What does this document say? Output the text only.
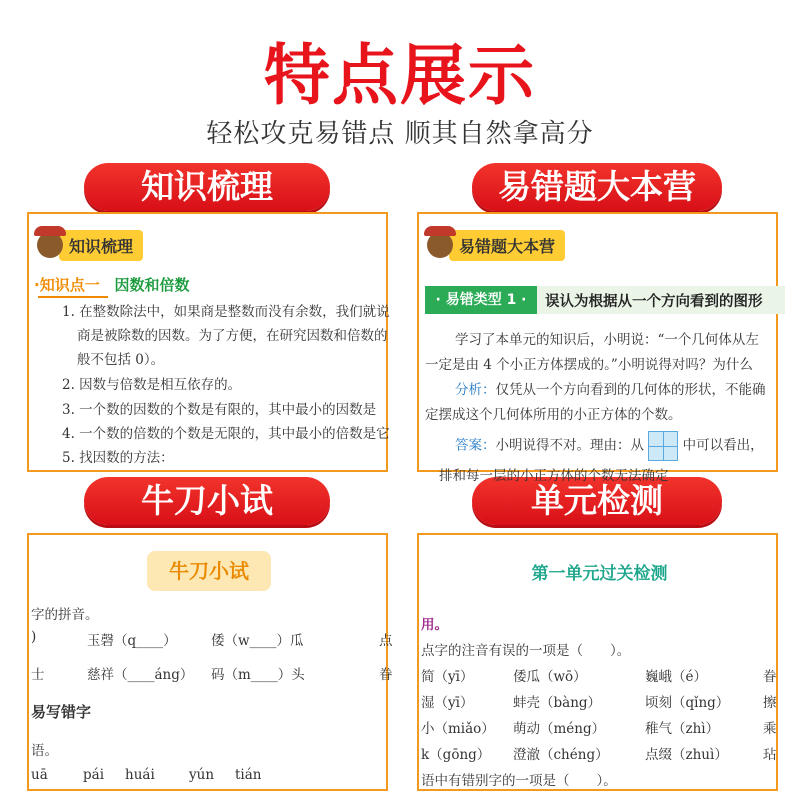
特点展示
轻松攻克易错点 顺其自然拿高分
知识梳理	易错题大本营
牛刀小试	单元检测
知识梳理
·知识点一 因数和倍数
1. 在整数除法中，如果商是整数而没有余数，我们就说
商是被除数的因数。为了方便，在研究因数和倍数的
般不包括 0）。
2. 因数与倍数是相互依存的。
3. 一个数的因数的个数是有限的，其中最小的因数是
4. 一个数的倍数的个数是无限的，其中最小的倍数是它
5. 找因数的方法：
易错题大本营
· 易错类型 1 ·	误认为根据从一个方向看到的图形
学习了本单元的知识后，小明说：“一个几何体从左
一定是由 4 个小正方体摆成的。”小明说得对吗？为什么
分析：仅凭从一个方向看到的几何体的形状，不能确
定摆成这个几何体所用的小正方体的个数。
答案：小明说得不对。理由：从	中可以看出，
排和每一层的小正方体的个数无法确定
牛刀小试
字的拼音。
)	玉磬（q____）	倭（w____）瓜	点
士	慈祥（____áng） 码（m____）头	眷
易写错字
语。
uā	pái huái	yún tián
第一单元过关检测
用。
点字的注音有误的一项是（　　）。
简（yī）	倭瓜（wō）	巍峨（é）	眷
湿（yī）	蚌壳（bàng）	顷刻（qǐng） 擦
小（miǎo） 萌动（méng）	稚气（zhì）	乘
k（gōng） 澄澈（chéng）	点缀（zhuì）	玷
语中有错别字的一项是（　　）。
